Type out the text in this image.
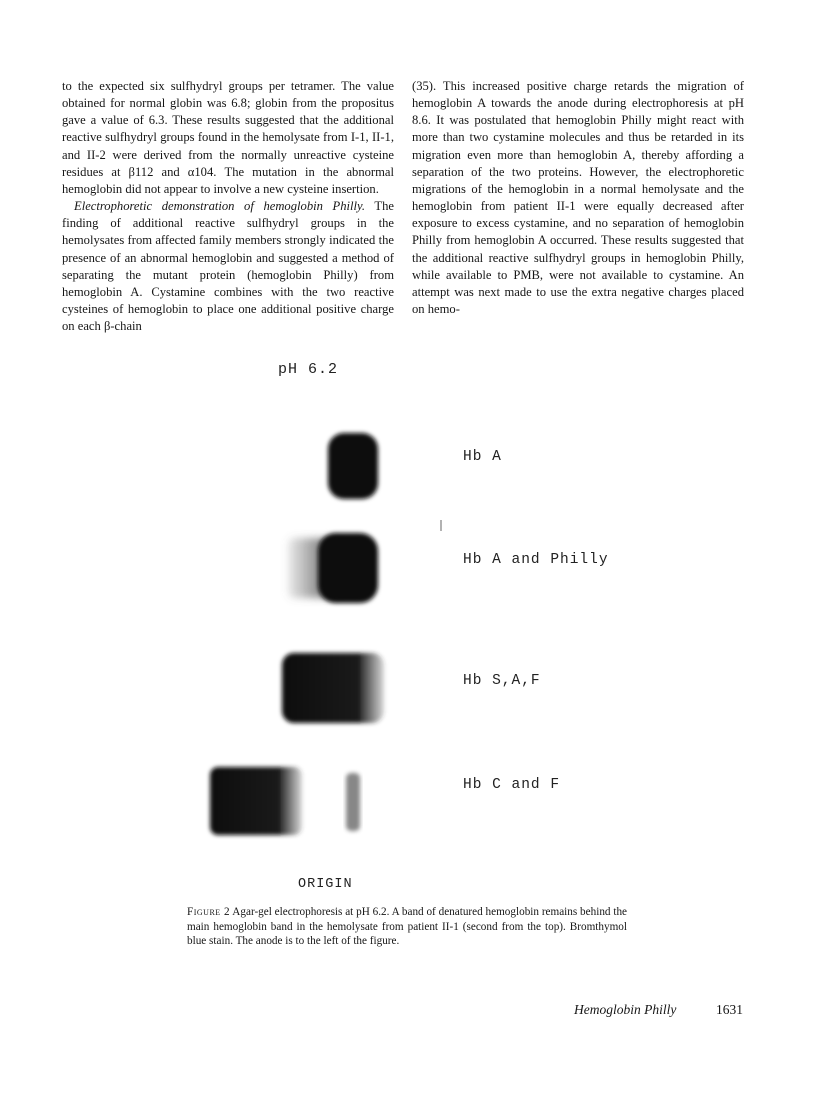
to the expected six sulfhydryl groups per tetramer. The value obtained for normal globin was 6.8; globin from the propositus gave a value of 6.3. These results suggested that the additional reactive sulfhydryl groups found in the hemolysate from I-1, II-1, and II-2 were derived from the normally unreactive cysteine residues at β112 and α104. The mutation in the abnormal hemoglobin did not appear to involve a new cysteine insertion.

Electrophoretic demonstration of hemoglobin Philly. The finding of additional reactive sulfhydryl groups in the hemolysates from affected family members strongly indicated the presence of an abnormal hemoglobin and suggested a method of separating the mutant protein (hemoglobin Philly) from hemoglobin A. Cystamine combines with the two reactive cysteines of hemoglobin to place one additional positive charge on each β-chain

(35). This increased positive charge retards the migration of hemoglobin A towards the anode during electrophoresis at pH 8.6. It was postulated that hemoglobin Philly might react with more than two cystamine molecules and thus be retarded in its migration even more than hemoglobin A, thereby affording a separation of the two proteins. However, the electrophoretic migrations of the hemoglobin in a normal hemolysate and the hemoglobin from patient II-1 were equally decreased after exposure to excess cystamine, and no separation of hemoglobin Philly from hemoglobin A occurred. These results suggested that the additional reactive sulfhydryl groups in hemoglobin Philly, while available to PMB, were not available to cystamine. An attempt was next made to use the extra negative charges placed on hemo-

pH 6.2
Hb A
Hb A and Philly
Hb S,A,F
Hb C and F
ORIGIN
Figure 2 Agar-gel electrophoresis at pH 6.2. A band of denatured hemoglobin remains behind the main hemoglobin band in the hemolysate from patient II-1 (second from the top). Bromthymol blue stain. The anode is to the left of the figure.
Hemoglobin Philly	1631
